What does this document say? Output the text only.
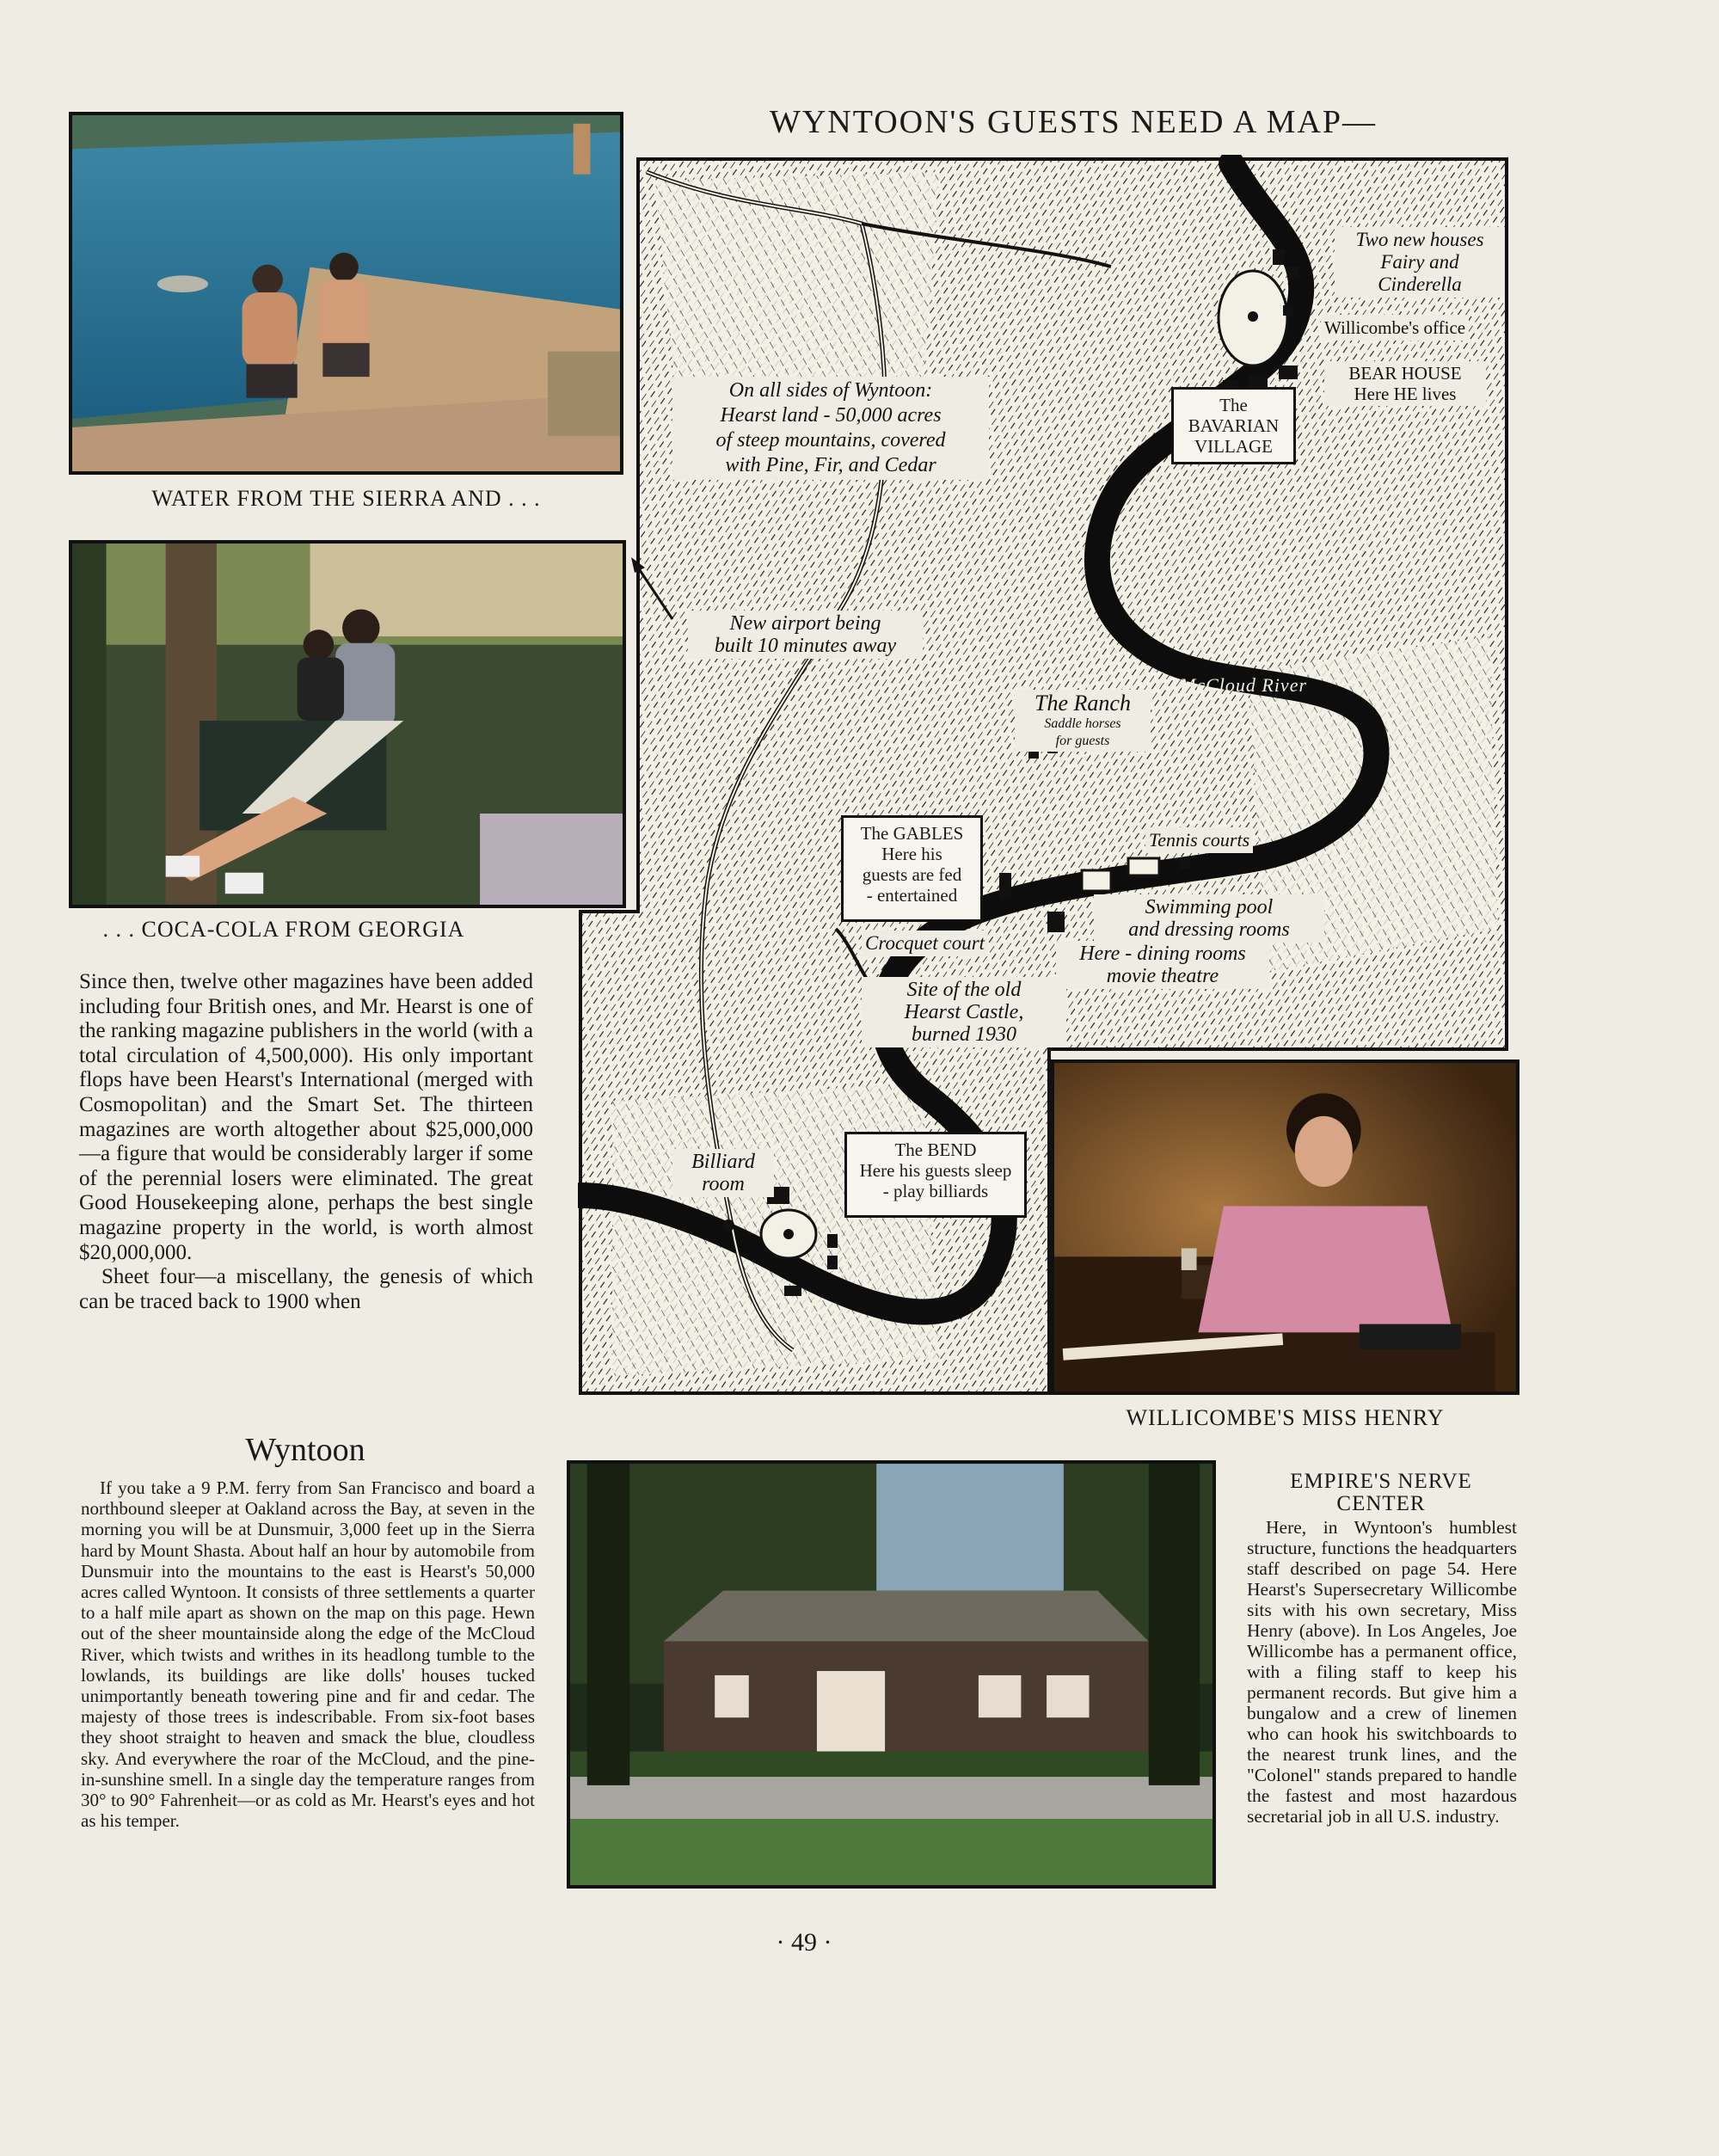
WYNTOON'S GUESTS NEED A MAP—
WATER FROM THE SIERRA AND . . .
. . . COCA-COLA FROM GEORGIA

Since then, twelve other magazines have been added including four British ones, and Mr. Hearst is one of the ranking magazine publishers in the world (with a total circulation of 4,500,000). His only important flops have been Hearst's International (merged with Cosmopolitan) and the Smart Set. The thirteen magazines are worth altogether about $25,000,000—a figure that would be considerably larger if some of the perennial losers were eliminated. The great Good Housekeeping alone, perhaps the best single magazine property in the world, is worth almost $20,000,000.

Sheet four—a miscellany, the genesis of which can be traced back to 1900 when

Two new houses
Fairy and
Cinderella
Willicombe's office
BEAR HOUSE
Here HE lives
The
BAVARIAN
VILLAGE
On all sides of Wyntoon:
Hearst land - 50,000 acres
of steep mountains, covered
with Pine, Fir, and Cedar
New airport being
built 10 minutes away
McCloud River
The Ranch
Saddle horses
for guests
The GABLES
Here his
guests are fed
- entertained
Tennis courts
Swimming pool
and dressing rooms
Crocquet court	Here - dining rooms
movie theatre
Site of the old
Hearst Castle,
burned 1930
Billiard
room
The BEND
Here his guests sleep
- play billiards
WILLICOMBE'S MISS HENRY
Wyntoon
If you take a 9 P.M. ferry from San Francisco and board a northbound sleeper at Oakland across the Bay, at seven in the morning you will be at Dunsmuir, 3,000 feet up in the Sierra hard by Mount Shasta. About half an hour by automobile from Dunsmuir into the mountains to the east is Hearst's 50,000 acres called Wyntoon. It consists of three settlements a quarter to a half mile apart as shown on the map on this page. Hewn out of the sheer mountainside along the edge of the McCloud River, which twists and writhes in its headlong tumble to the lowlands, its buildings are like dolls' houses tucked unimportantly beneath towering pine and fir and cedar. The majesty of those trees is indescribable. From six-foot bases they shoot straight to heaven and smack the blue, cloudless sky. And everywhere the roar of the McCloud, and the pine-in-sunshine smell. In a single day the temperature ranges from 30° to 90° Fahrenheit—or as cold as Mr. Hearst's eyes and hot as his temper.
EMPIRE'S NERVE
CENTER
Here, in Wyntoon's humblest structure, functions the headquarters staff described on page 54. Here Hearst's Supersecretary Willicombe sits with his own secretary, Miss Henry (above). In Los Angeles, Joe Willicombe has a permanent office, with a filing staff to keep his permanent records. But give him a bungalow and a crew of linemen who can hook his switchboards to the nearest trunk lines, and the "Colonel" stands prepared to handle the fastest and most hazardous secretarial job in all U.S. industry.
· 49 ·
